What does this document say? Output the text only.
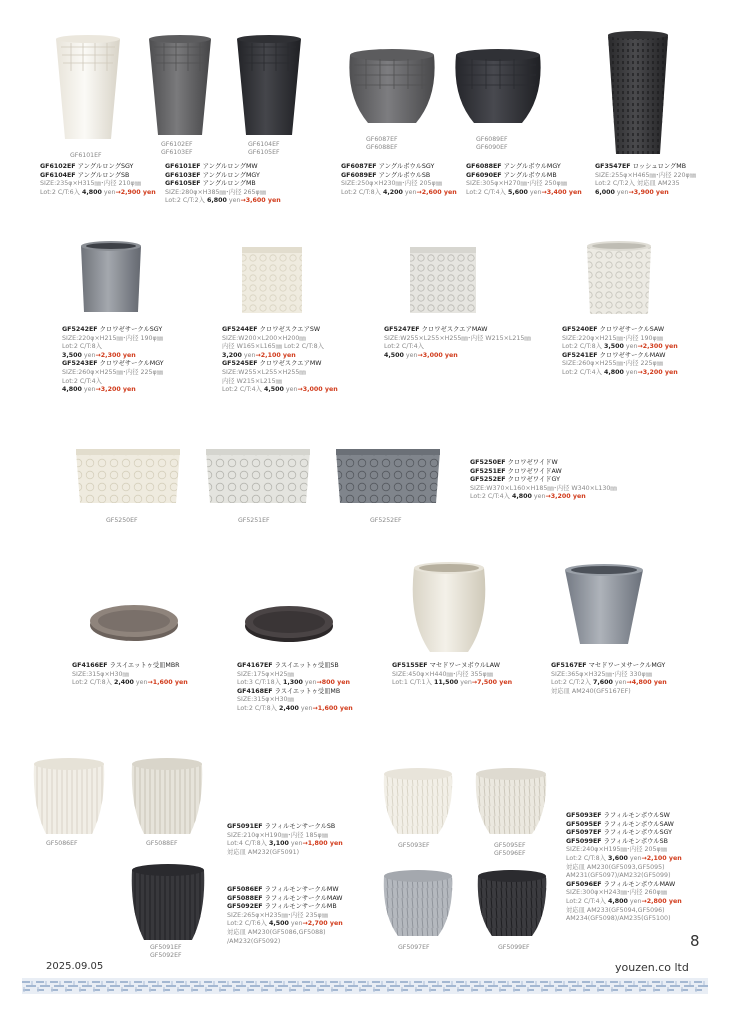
GF6101EF
GF6102EF
GF6103EF
GF6104EF
GF6105EF
GF6087EF
GF6088EF
GF6089EF
GF6090EF
GF5250EF	GF5251EF	GF5252EF
GF5086EF	GF5088EF
GF5091EF
GF5092EF
GF5093EF	GF5095EF
GF5096EF
GF5097EF	GF5099EF
GF6102EF アングルロングSGY
GF6104EF アングルロングSB
SIZE:235φ×H315㎜･内径 210φ㎜
Lot:2 C/T:6入 4,800 yen→2,900 yen
GF6101EF アングルロングMW
GF6103EF アングルロングMGY
GF6105EF アングルロングMB
SIZE:280φ×H385㎜･内径 265φ㎜
Lot:2 C/T:2入 6,800 yen→3,600 yen
GF6087EF アングルボウルSGY
GF6089EF アングルボウルSB
SIZE:250φ×H230㎜･内径 205φ㎜
Lot:2 C/T:8入 4,200 yen→2,600 yen
GF6088EF アングルボウルMGY
GF6090EF アングルボウルMB
SIZE:305φ×H270㎜･内径 250φ㎜
Lot:2 C/T:4入 5,600 yen→3,400 yen
GF3547EF ロッシュロングMB
SIZE:255φ×H465㎜･内径 220φ㎜
Lot:2 C/T:2入 対応皿 AM235
6,000 yen→3,900 yen
GF5242EF クロワゼサークルSGY
SIZE:220φ×H215㎜･内径 190φ㎜
Lot:2 C/T:8入
3,500 yen→2,300 yen
GF5243EF クロワゼサークルMGY
SIZE:260φ×H255㎜･内径 225φ㎜
Lot:2 C/T:4入
4,800 yen→3,200 yen
GF5244EF クロワゼスクエアSW
SIZE:W200×L200×H200㎜
内径 W165×L165㎜ Lot:2 C/T:8入
3,200 yen→2,100 yen
GF5245EF クロワゼスクエアMW
SIZE:W255×L255×H255㎜
内径 W215×L215㎜
Lot:2 C/T:4入 4,500 yen→3,000 yen
GF5247EF クロワゼスクエアMAW
SIZE:W255×L255×H255㎜･内径 W215×L215㎜
Lot:2 C/T:4入
4,500 yen→3,000 yen
GF5240EF クロワゼサークルSAW
SIZE:220φ×H215㎜･内径 190φ㎜
Lot:2 C/T:8入 3,500 yen→2,300 yen
GF5241EF クロワゼサークルMAW
SIZE:260φ×H255㎜･内径 225φ㎜
Lot:2 C/T:4入 4,800 yen→3,200 yen
GF5250EF クロワゼワイドW
GF5251EF クロワゼワイドAW
GF5252EF クロワゼワイドGY
SIZE:W370×L160×H185㎜･内径 W340×L130㎜
Lot:2 C/T:4入 4,800 yen→3,200 yen
GF4166EF ラスイエットゥ受皿MBR
SIZE:315φ×H30㎜
Lot:2 C/T:8入 2,400 yen→1,600 yen
GF4167EF ラスイエットゥ受皿SB
SIZE:175φ×H25㎜
Lot:3 C/T:18入 1,300 yen→800 yen
GF4168EF ラスイエットゥ受皿MB
SIZE:315φ×H30㎜
Lot:2 C/T:8入 2,400 yen→1,600 yen
GF5155EF マセドワーヌボウルLAW
SIZE:450φ×H440㎜･内径 355φ㎜
Lot:1 C/T:1入 11,500 yen→7,500 yen
GF5167EF マセドワーヌサークルMGY
SIZE:365φ×H325㎜･内径 330φ㎜
Lot:2 C/T:2入 7,600 yen→4,800 yen
対応皿 AM240(GF5167EF)
GF5091EF ラフィルモンサークルSB
SIZE:210φ×H190㎜･内径 185φ㎜
Lot:4 C/T:8入 3,100 yen→1,800 yen
対応皿 AM232(GF5091)
GF5086EF ラフィルモンサークルMW
GF5088EF ラフィルモンサークルMAW
GF5092EF ラフィルモンサークルMB
SIZE:265φ×H235㎜･内径 235φ㎜
Lot:2 C/T:6入 4,500 yen→2,700 yen
対応皿 AM230(GF5086,GF5088)
/AM232(GF5092)
GF5093EF ラフィルモンボウルSW
GF5095EF ラフィルモンボウルSAW
GF5097EF ラフィルモンボウルSGY
GF5099EF ラフィルモンボウルSB
SIZE:240φ×H195㎜･内径 205φ㎜
Lot:2 C/T:8入 3,600 yen→2,100 yen
対応皿 AM230(GF5093,GF5095)
AM231(GF5097)/AM232(GF5099)
GF5096EF ラフィルモンボウルMAW
SIZE:300φ×H243㎜･内径 260φ㎜
Lot:2 C/T:4入 4,800 yen→2,800 yen
対応皿 AM233(GF5094,GF5096)
AM234(GF5098)/AM235(GF5100)
2025.09.05
8
youzen.co ltd
